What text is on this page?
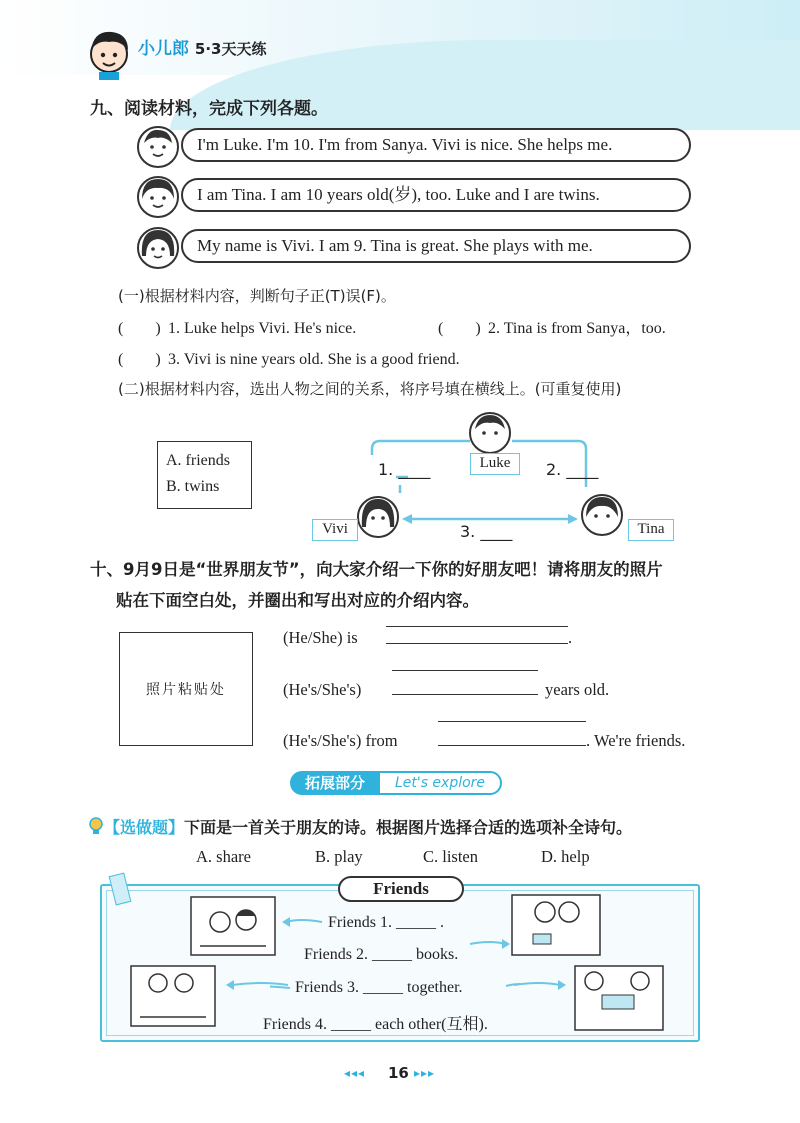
小儿郎 5·3天天练
九、阅读材料，完成下列各题。
I'm Luke. I'm 10. I'm from Sanya. Vivi is nice. She helps me.
I am Tina. I am 10 years old(岁), too. Luke and I are twins.
My name is Vivi. I am 9. Tina is great. She plays with me.
(一)根据材料内容，判断句子正(T)误(F)。
(　　) 1. Luke helps Vivi. He's nice.	(　　) 2. Tina is from Sanya，too.
(　　) 3. Vivi is nine years old. She is a good friend.
(二)根据材料内容，选出人物之间的关系，将序号填在横线上。(可重复使用)
A. friends
B. twins
Luke
Vivi	Tina
1. ____	2. ____
3. ____
十、9月9日是“世界朋友节”，向大家介绍一下你的好朋友吧！请将朋友的照片
贴在下面空白处，并圈出和写出对应的介绍内容。
照片粘贴处
(He/She) is	.
(He's/She's)	years old.
(He's/She's) from	. We're friends.
拓展部分	Let's explore
【选做题】下面是一首关于朋友的诗。根据图片选择合适的选项补全诗句。
A. share	B. play	C. listen	D. help
Friends
Friends 1. _____ .
Friends 2. _____ books.
Friends 3. _____ together.
Friends 4. _____ each other(互相).
◂◂◂ 16 ▸▸▸
